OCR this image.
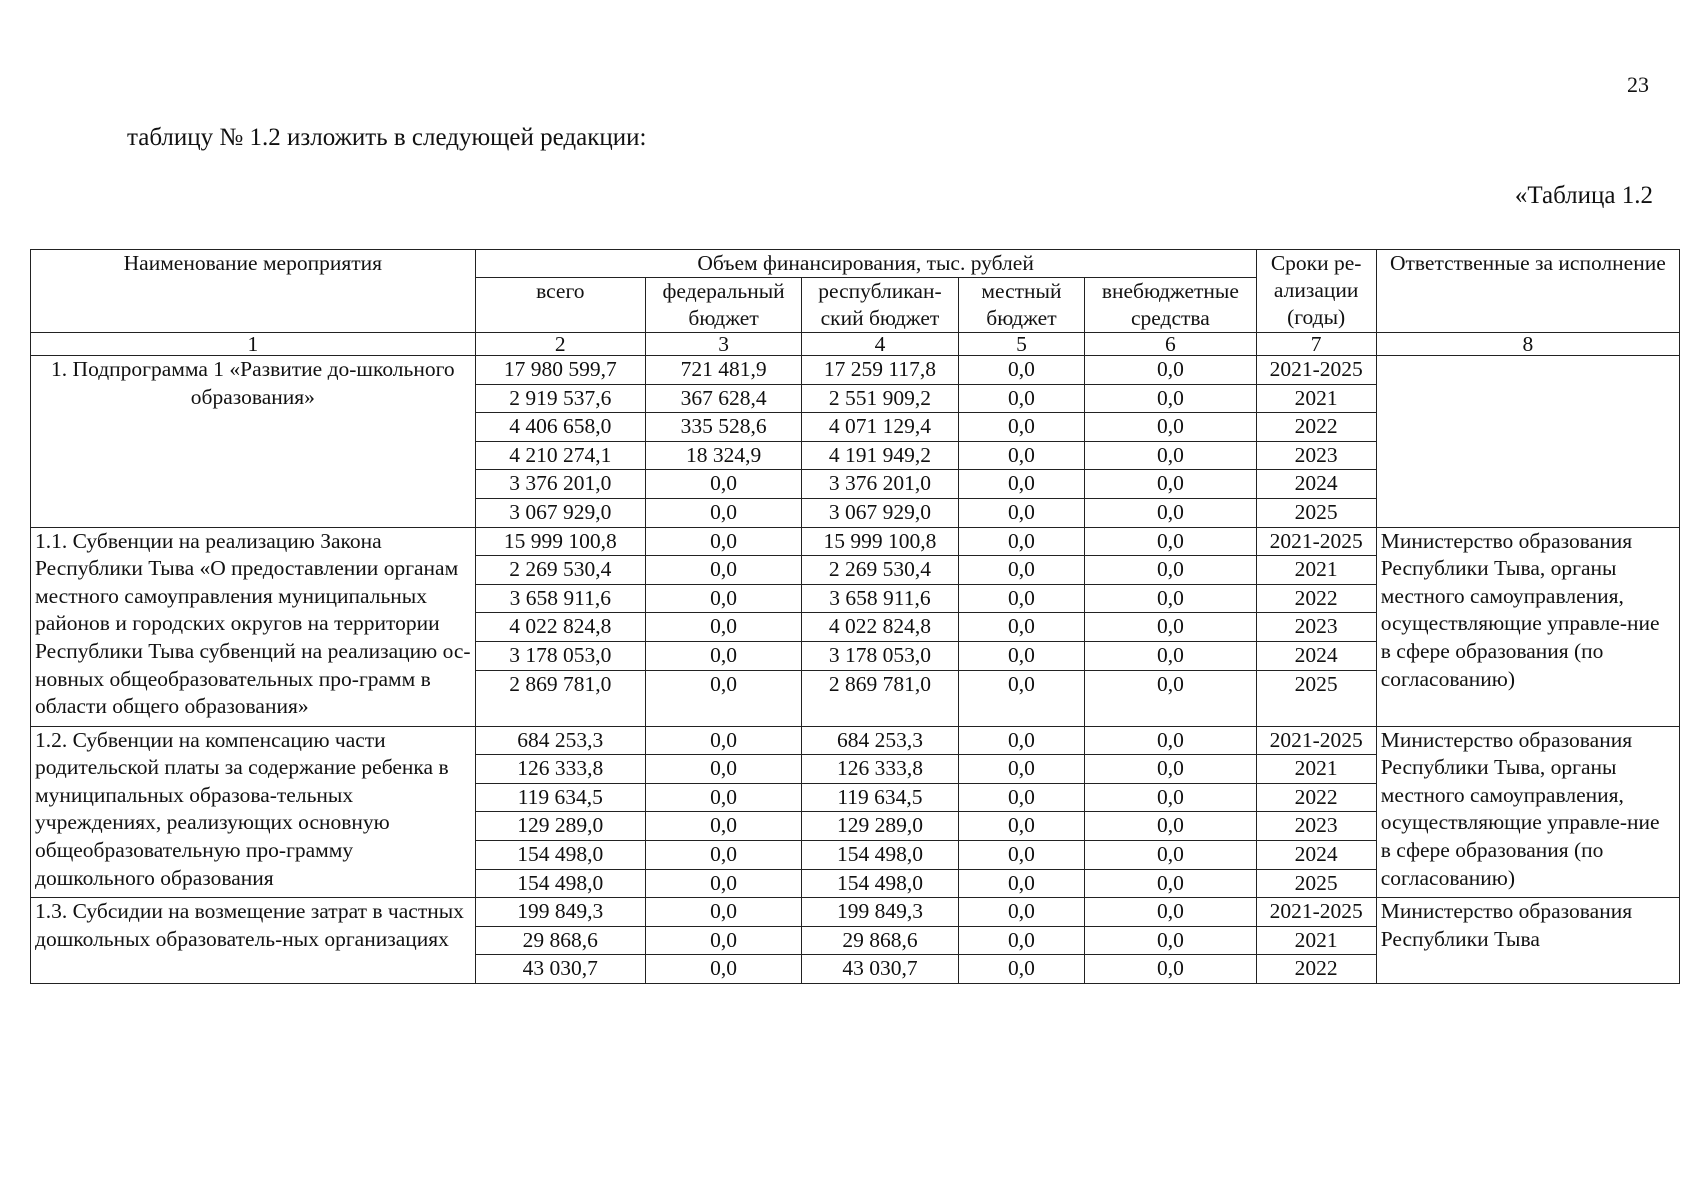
23
таблицу № 1.2 изложить в следующей редакции:
«Таблица 1.2
Наименование мероприятия	Объем финансирования, тыс. рублей					Сроки ре-ализации (годы)	Ответственные за исполнение
	всего	федеральный бюджет	республикан-ский бюджет	местный бюджет	внебюджетные средства		
1	2	3	4	5	6	7	8
1. Подпрограмма 1 «Развитие до-школьного образования»	17 980 599,7	721 481,9	17 259 117,8	0,0	0,0	2021-2025	
	2 919 537,6	367 628,4	2 551 909,2	0,0	0,0	2021	
	4 406 658,0	335 528,6	4 071 129,4	0,0	0,0	2022	
	4 210 274,1	18 324,9	4 191 949,2	0,0	0,0	2023	
	3 376 201,0	0,0	3 376 201,0	0,0	0,0	2024	
	3 067 929,0	0,0	3 067 929,0	0,0	0,0	2025	
1.1. Субвенции на реализацию Закона Республики Тыва «О предоставлении органам местного самоуправления муниципальных районов и городских округов на территории Республики Тыва субвенций на реализацию ос-новных общеобразовательных про-грамм в области общего образования»	15 999 100,8	0,0	15 999 100,8	0,0	0,0	2021-2025	Министерство образования Республики Тыва, органы местного самоуправления, осуществляющие управле-ние в сфере образования (по согласованию)
	2 269 530,4	0,0	2 269 530,4	0,0	0,0	2021	
	3 658 911,6	0,0	3 658 911,6	0,0	0,0	2022	
	4 022 824,8	0,0	4 022 824,8	0,0	0,0	2023	
	3 178 053,0	0,0	3 178 053,0	0,0	0,0	2024	
	2 869 781,0	0,0	2 869 781,0	0,0	0,0	2025	
1.2. Субвенции на компенсацию части родительской платы за содержание ребенка в муниципальных образова-тельных учреждениях, реализующих основную общеобразовательную про-грамму дошкольного образования	684 253,3	0,0	684 253,3	0,0	0,0	2021-2025	Министерство образования Республики Тыва, органы местного самоуправления, осуществляющие управле-ние в сфере образования (по согласованию)
	126 333,8	0,0	126 333,8	0,0	0,0	2021	
	119 634,5	0,0	119 634,5	0,0	0,0	2022	
	129 289,0	0,0	129 289,0	0,0	0,0	2023	
	154 498,0	0,0	154 498,0	0,0	0,0	2024	
	154 498,0	0,0	154 498,0	0,0	0,0	2025	
1.3. Субсидии на возмещение затрат в частных дошкольных образователь-ных организациях	199 849,3	0,0	199 849,3	0,0	0,0	2021-2025	Министерство образования Республики Тыва
	29 868,6	0,0	29 868,6	0,0	0,0	2021	
	43 030,7	0,0	43 030,7	0,0	0,0	2022	
